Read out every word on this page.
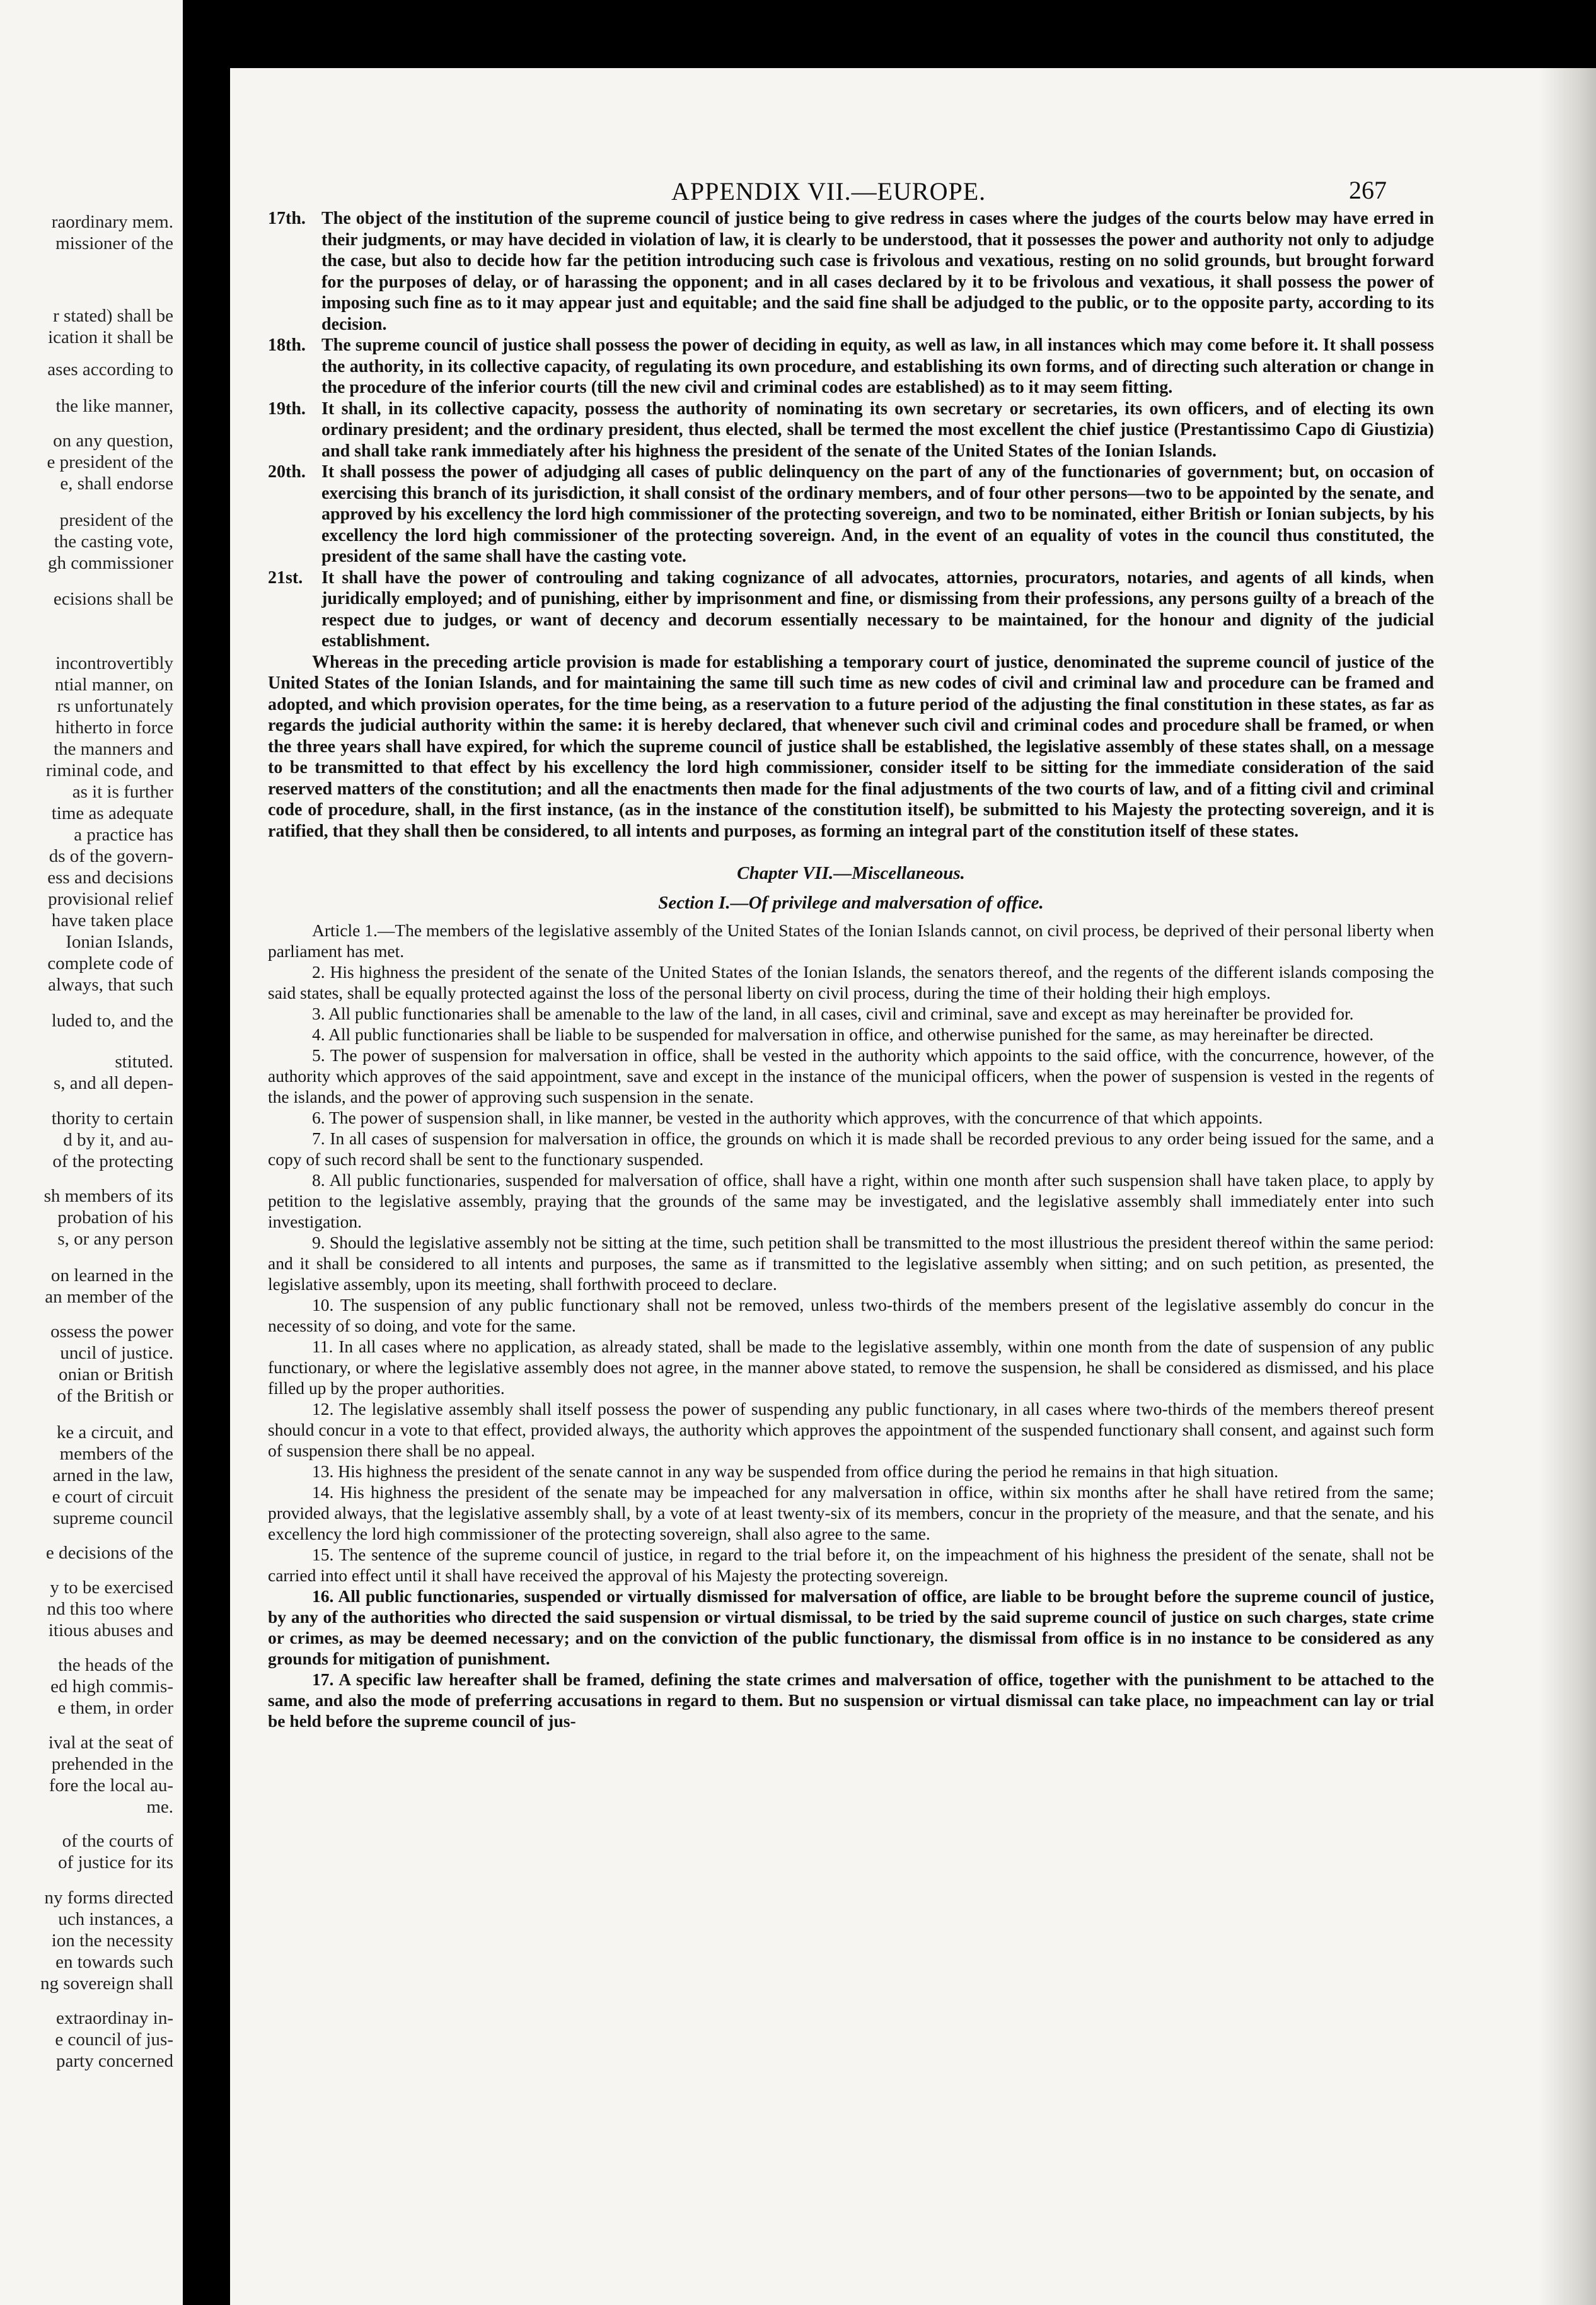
raordinary mem.
missioner of the
r stated) shall be
ication it shall be
ases according to
the like manner,
on any question,
e president of the
e, shall endorse
president of the
the casting vote,
gh commissioner
ecisions shall be
incontrovertibly
ntial manner, on
rs unfortunately
hitherto in force
the manners and
riminal code, and
as it is further
time as adequate
a practice has
ds of the govern-
ess and decisions
provisional relief
have taken place
Ionian Islands,
complete code of
always, that such
luded to, and the
stituted.
s, and all depen-
thority to certain
d by it, and au-
of the protecting
sh members of its
probation of his
s, or any person
on learned in the
an member of the
ossess the power
uncil of justice.
onian or British
of the British or
ke a circuit, and
members of the
arned in the law,
e court of circuit
supreme council
e decisions of the
y to be exercised
nd this too where
itious abuses and
the heads of the
ed high commis-
e them, in order
ival at the seat of
prehended in the
fore the local au-
me.
of the courts of
of justice for its
ny forms directed
uch instances, a
ion the necessity
en towards such
ng sovereign shall
extraordinay in-
e council of jus-
party concerned
APPENDIX VII.—EUROPE.	267
17th. The object of the institution of the supreme council of justice being to give redress in cases where the judges of the courts below may have erred in their judgments, or may have decided in violation of law, it is clearly to be understood, that it possesses the power and authority not only to adjudge the case, but also to decide how far the petition introducing such case is frivolous and vexatious, resting on no solid grounds, but brought forward for the purposes of delay, or of harassing the opponent; and in all cases declared by it to be frivolous and vexatious, it shall possess the power of imposing such fine as to it may appear just and equitable; and the said fine shall be adjudged to the public, or to the opposite party, according to its decision.
18th. The supreme council of justice shall possess the power of deciding in equity, as well as law, in all instances which may come before it. It shall possess the authority, in its collective capacity, of regulating its own procedure, and establishing its own forms, and of directing such alteration or change in the procedure of the inferior courts (till the new civil and criminal codes are established) as to it may seem fitting.
19th. It shall, in its collective capacity, possess the authority of nominating its own secretary or secretaries, its own officers, and of electing its own ordinary president; and the ordinary president, thus elected, shall be termed the most excellent the chief justice (Prestantissimo Capo di Giustizia) and shall take rank immediately after his highness the president of the senate of the United States of the Ionian Islands.
20th. It shall possess the power of adjudging all cases of public delinquency on the part of any of the functionaries of government; but, on occasion of exercising this branch of its jurisdiction, it shall consist of the ordinary members, and of four other persons—two to be appointed by the senate, and approved by his excellency the lord high commissioner of the protecting sovereign, and two to be nominated, either British or Ionian subjects, by his excellency the lord high commissioner of the protecting sovereign. And, in the event of an equality of votes in the council thus constituted, the president of the same shall have the casting vote.
21st. It shall have the power of controuling and taking cognizance of all advocates, attornies, procurators, notaries, and agents of all kinds, when juridically employed; and of punishing, either by imprisonment and fine, or dismissing from their professions, any persons guilty of a breach of the respect due to judges, or want of decency and decorum essentially necessary to be maintained, for the honour and dignity of the judicial establishment.

Whereas in the preceding article provision is made for establishing a temporary court of justice, denominated the supreme council of justice of the United States of the Ionian Islands, and for maintaining the same till such time as new codes of civil and criminal law and procedure can be framed and adopted, and which provision operates, for the time being, as a reservation to a future period of the adjusting the final constitution in these states, as far as regards the judicial authority within the same: it is hereby declared, that whenever such civil and criminal codes and procedure shall be framed, or when the three years shall have expired, for which the supreme council of justice shall be established, the legislative assembly of these states shall, on a message to be transmitted to that effect by his excellency the lord high commissioner, consider itself to be sitting for the immediate consideration of the said reserved matters of the constitution; and all the enactments then made for the final adjustments of the two courts of law, and of a fitting civil and criminal code of procedure, shall, in the first instance, (as in the instance of the constitution itself), be submitted to his Majesty the protecting sovereign, and it is ratified, that they shall then be considered, to all intents and purposes, as forming an integral part of the constitution itself of these states.

Chapter VII.—Miscellaneous.
Section I.—Of privilege and malversation of office.

Article 1.—The members of the legislative assembly of the United States of the Ionian Islands cannot, on civil process, be deprived of their personal liberty when parliament has met.

2. His highness the president of the senate of the United States of the Ionian Islands, the senators thereof, and the regents of the different islands composing the said states, shall be equally protected against the loss of the personal liberty on civil process, during the time of their holding their high employs.

3. All public functionaries shall be amenable to the law of the land, in all cases, civil and criminal, save and except as may hereinafter be provided for.

4. All public functionaries shall be liable to be suspended for malversation in office, and otherwise punished for the same, as may hereinafter be directed.

5. The power of suspension for malversation in office, shall be vested in the authority which appoints to the said office, with the concurrence, however, of the authority which approves of the said appointment, save and except in the instance of the municipal officers, when the power of suspension is vested in the regents of the islands, and the power of approving such suspension in the senate.

6. The power of suspension shall, in like manner, be vested in the authority which approves, with the concurrence of that which appoints.

7. In all cases of suspension for malversation in office, the grounds on which it is made shall be recorded previous to any order being issued for the same, and a copy of such record shall be sent to the functionary suspended.

8. All public functionaries, suspended for malversation of office, shall have a right, within one month after such suspension shall have taken place, to apply by petition to the legislative assembly, praying that the grounds of the same may be investigated, and the legislative assembly shall immediately enter into such investigation.

9. Should the legislative assembly not be sitting at the time, such petition shall be transmitted to the most illustrious the president thereof within the same period: and it shall be considered to all intents and purposes, the same as if transmitted to the legislative assembly when sitting; and on such petition, as presented, the legislative assembly, upon its meeting, shall forthwith proceed to declare.

10. The suspension of any public functionary shall not be removed, unless two-thirds of the members present of the legislative assembly do concur in the necessity of so doing, and vote for the same.

11. In all cases where no application, as already stated, shall be made to the legislative assembly, within one month from the date of suspension of any public functionary, or where the legislative assembly does not agree, in the manner above stated, to remove the suspension, he shall be considered as dismissed, and his place filled up by the proper authorities.

12. The legislative assembly shall itself possess the power of suspending any public functionary, in all cases where two-thirds of the members thereof present should concur in a vote to that effect, provided always, the authority which approves the appointment of the suspended functionary shall consent, and against such form of suspension there shall be no appeal.

13. His highness the president of the senate cannot in any way be suspended from office during the period he remains in that high situation.

14. His highness the president of the senate may be impeached for any malversation in office, within six months after he shall have retired from the same; provided always, that the legislative assembly shall, by a vote of at least twenty-six of its members, concur in the propriety of the measure, and that the senate, and his excellency the lord high commissioner of the protecting sovereign, shall also agree to the same.

15. The sentence of the supreme council of justice, in regard to the trial before it, on the impeachment of his highness the president of the senate, shall not be carried into effect until it shall have received the approval of his Majesty the protecting sovereign.

16. All public functionaries, suspended or virtually dismissed for malversation of office, are liable to be brought before the supreme council of justice, by any of the authorities who directed the said suspension or virtual dismissal, to be tried by the said supreme council of justice on such charges, state crime or crimes, as may be deemed necessary; and on the conviction of the public functionary, the dismissal from office is in no instance to be considered as any grounds for mitigation of punishment.

17. A specific law hereafter shall be framed, defining the state crimes and malversation of office, together with the punishment to be attached to the same, and also the mode of preferring accusations in regard to them. But no suspension or virtual dismissal can take place, no impeachment can lay or trial be held before the supreme council of jus-
